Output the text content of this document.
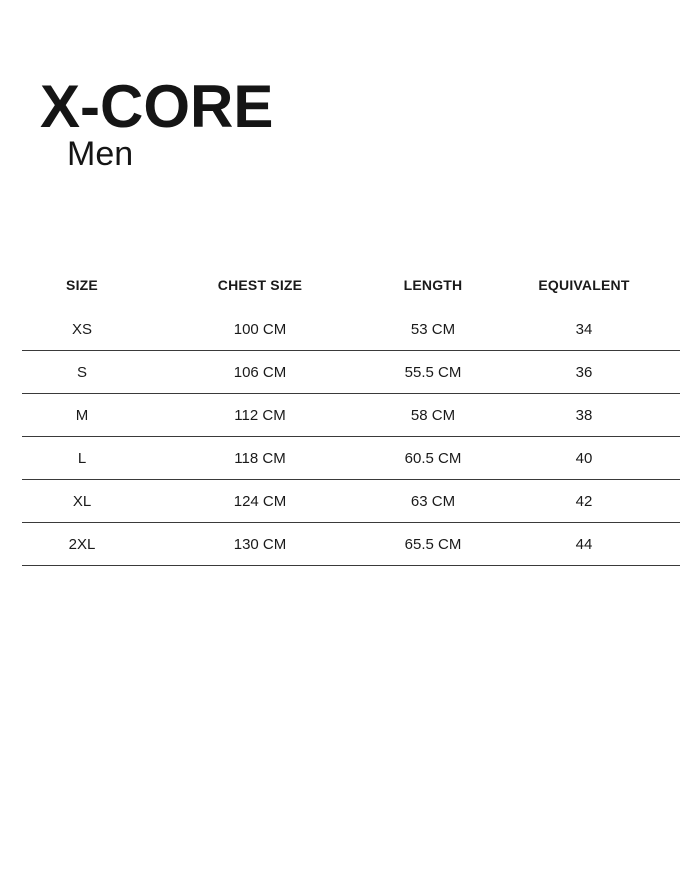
X-CORE
Men
SIZE	CHEST SIZE	LENGTH	EQUIVALENT
XS	100 CM	53 CM	34
S	106 CM	55.5 CM	36
M	112 CM	58 CM	38
L	118 CM	60.5 CM	40
XL	124 CM	63 CM	42
2XL	130 CM	65.5 CM	44
